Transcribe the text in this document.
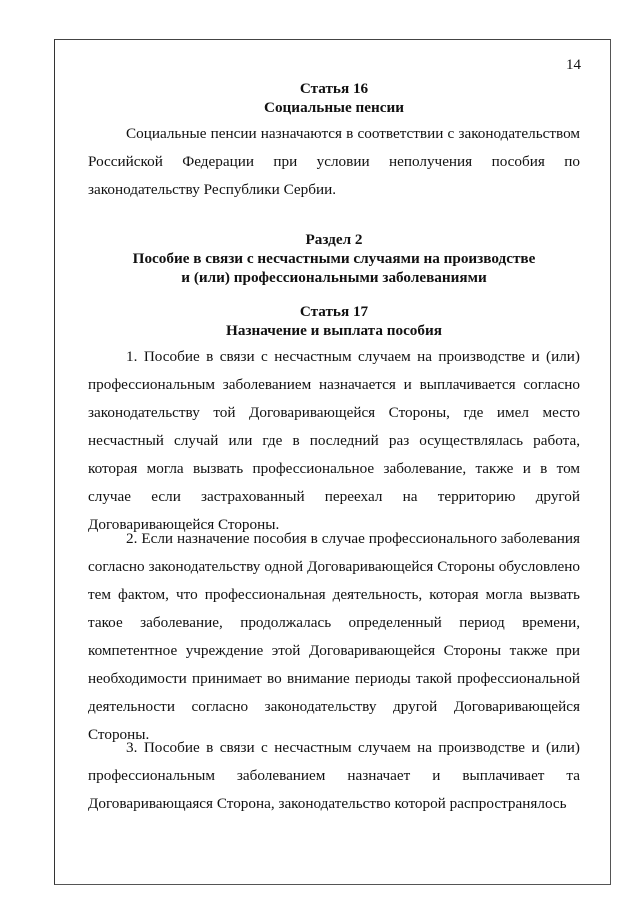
14

Статья 16

Социальные пенсии

Социальные пенсии назначаются в соответствии с законодательством Российской Федерации при условии неполучения пособия по законодательству Республики Сербии.

Раздел 2

Пособие в связи с несчастными случаями на производстве

и (или) профессиональными заболеваниями

Статья 17

Назначение и выплата пособия

1. Пособие в связи с несчастным случаем на производстве и (или) профессиональным заболеванием назначается и выплачивается согласно законодательству той Договаривающейся Стороны, где имел место несчастный случай или где в последний раз осуществлялась работа, которая могла вызвать профессиональное заболевание, также и в том случае если застрахованный переехал на территорию другой Договаривающейся Стороны.

2. Если назначение пособия в случае профессионального заболевания согласно законодательству одной Договаривающейся Стороны обусловлено тем фактом, что профессиональная деятельность, которая могла вызвать такое заболевание, продолжалась определенный период времени, компетентное учреждение этой Договаривающейся Стороны также при необходимости принимает во внимание периоды такой профессиональной деятельности согласно законодательству другой Договаривающейся Стороны.

3. Пособие в связи с несчастным случаем на производстве и (или) профессиональным заболеванием назначает и выплачивает та Договаривающаяся Сторона, законодательство которой распространялось
